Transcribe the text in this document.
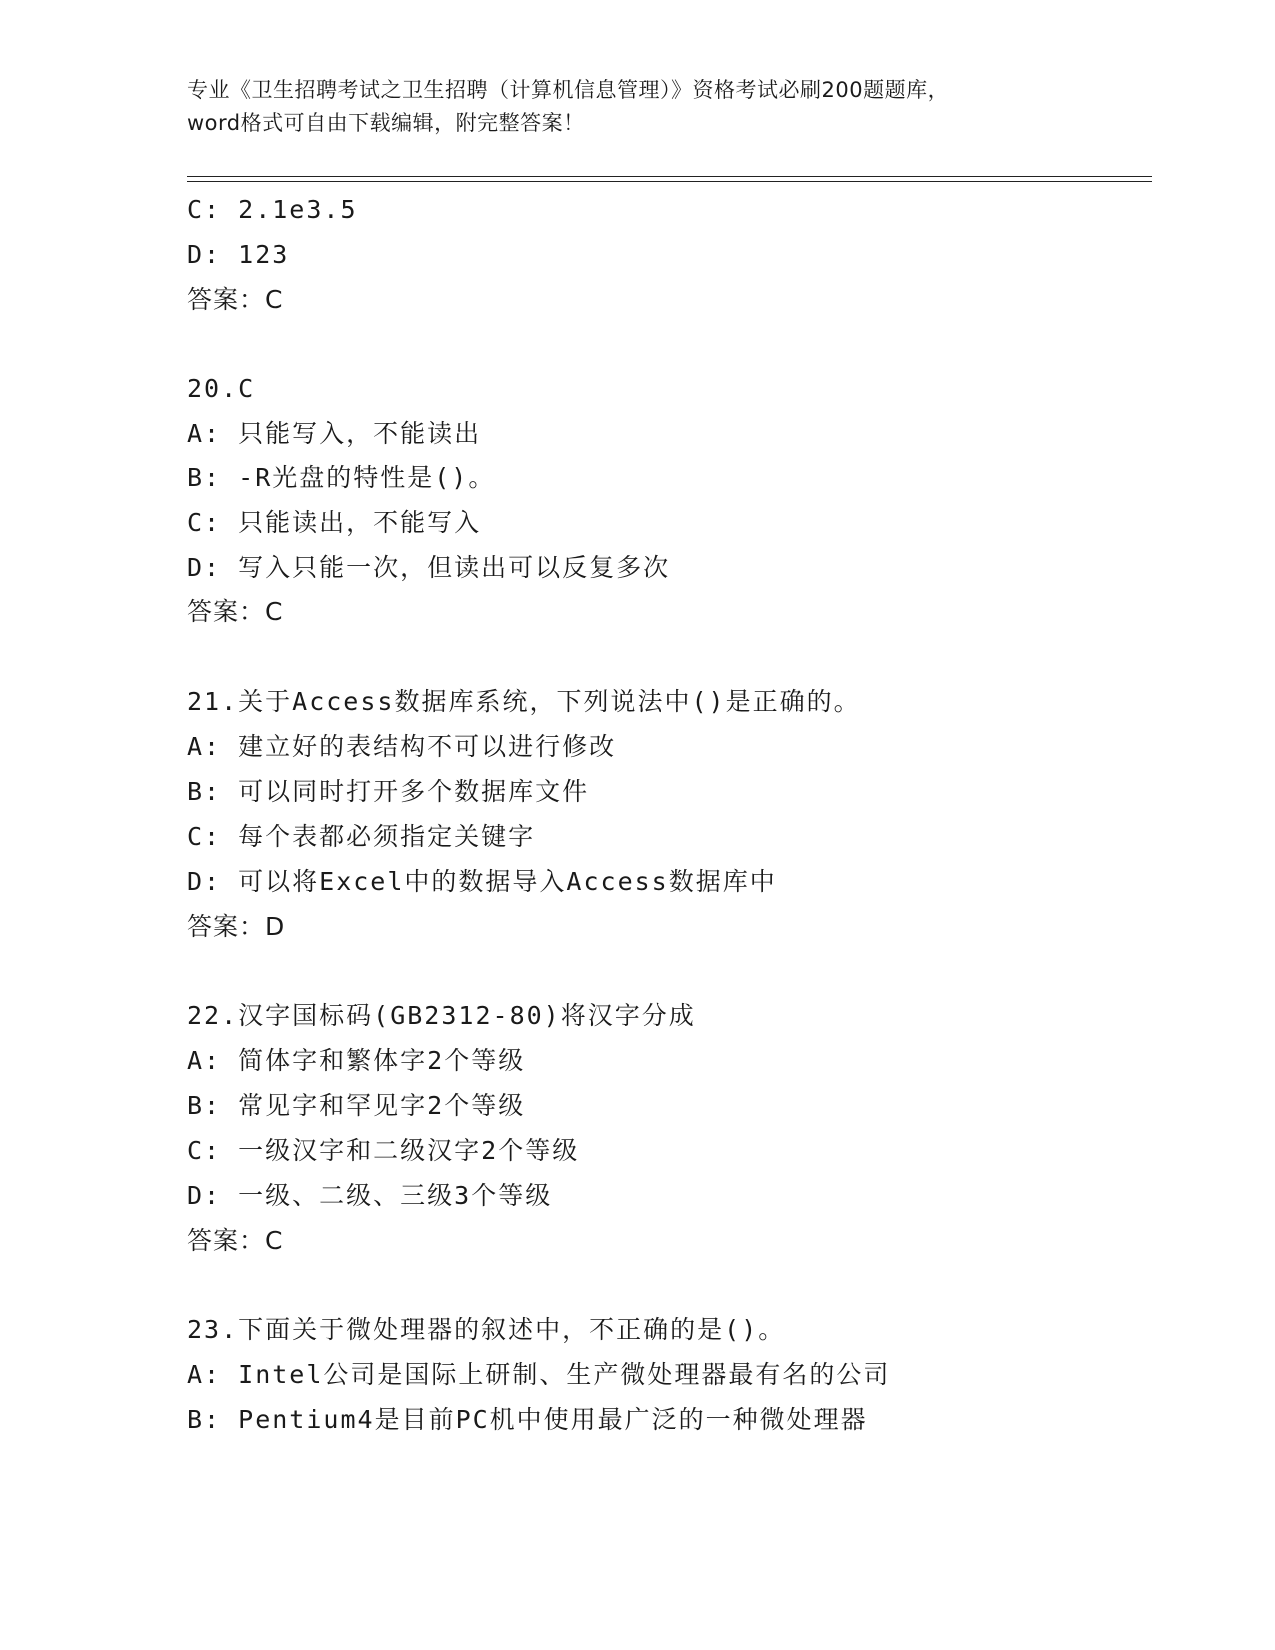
专业《卫生招聘考试之卫生招聘（计算机信息管理）》资格考试必刷200题题库，
word格式可自由下载编辑，附完整答案！
C: 2.1e3.5
D: 123
答案：C
20.C
A: 只能写入，不能读出
B: -R光盘的特性是()。
C: 只能读出，不能写入
D: 写入只能一次，但读出可以反复多次
答案：C
21.关于Access数据库系统，下列说法中()是正确的。
A: 建立好的表结构不可以进行修改
B: 可以同时打开多个数据库文件
C: 每个表都必须指定关键字
D: 可以将Excel中的数据导入Access数据库中
答案：D
22.汉字国标码(GB2312-80)将汉字分成
A: 简体字和繁体字2个等级
B: 常见字和罕见字2个等级
C: 一级汉字和二级汉字2个等级
D: 一级、二级、三级3个等级
答案：C
23.下面关于微处理器的叙述中，不正确的是()。
A: Intel公司是国际上研制、生产微处理器最有名的公司
B: Pentium4是目前PC机中使用最广泛的一种微处理器
